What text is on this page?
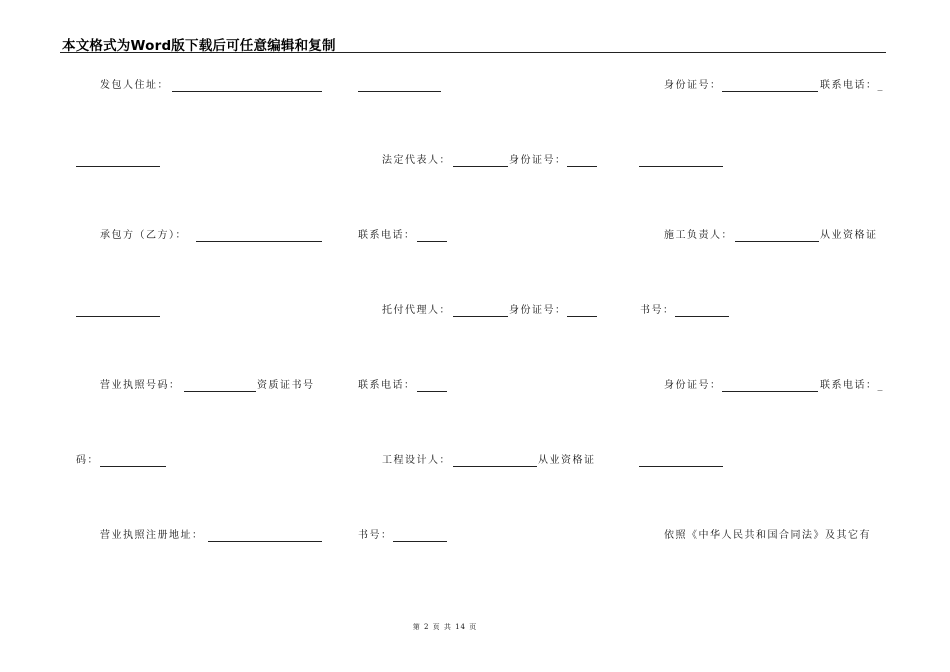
本文格式为Word版下载后可任意编辑和复制
发包人住址：	身份证号：	联系电话：_
法定代表人：	身份证号：
承包方（乙方）：	联系电话：	施工负责人：	从业资格证
托付代理人：	身份证号：	书号：
营业执照号码：	资质证书号	联系电话：	身份证号：	联系电话：_
码：	工程设计人：	从业资格证
营业执照注册地址：	书号：	依照《中华人民共和国合同法》及其它有
第 2 页 共 14 页
